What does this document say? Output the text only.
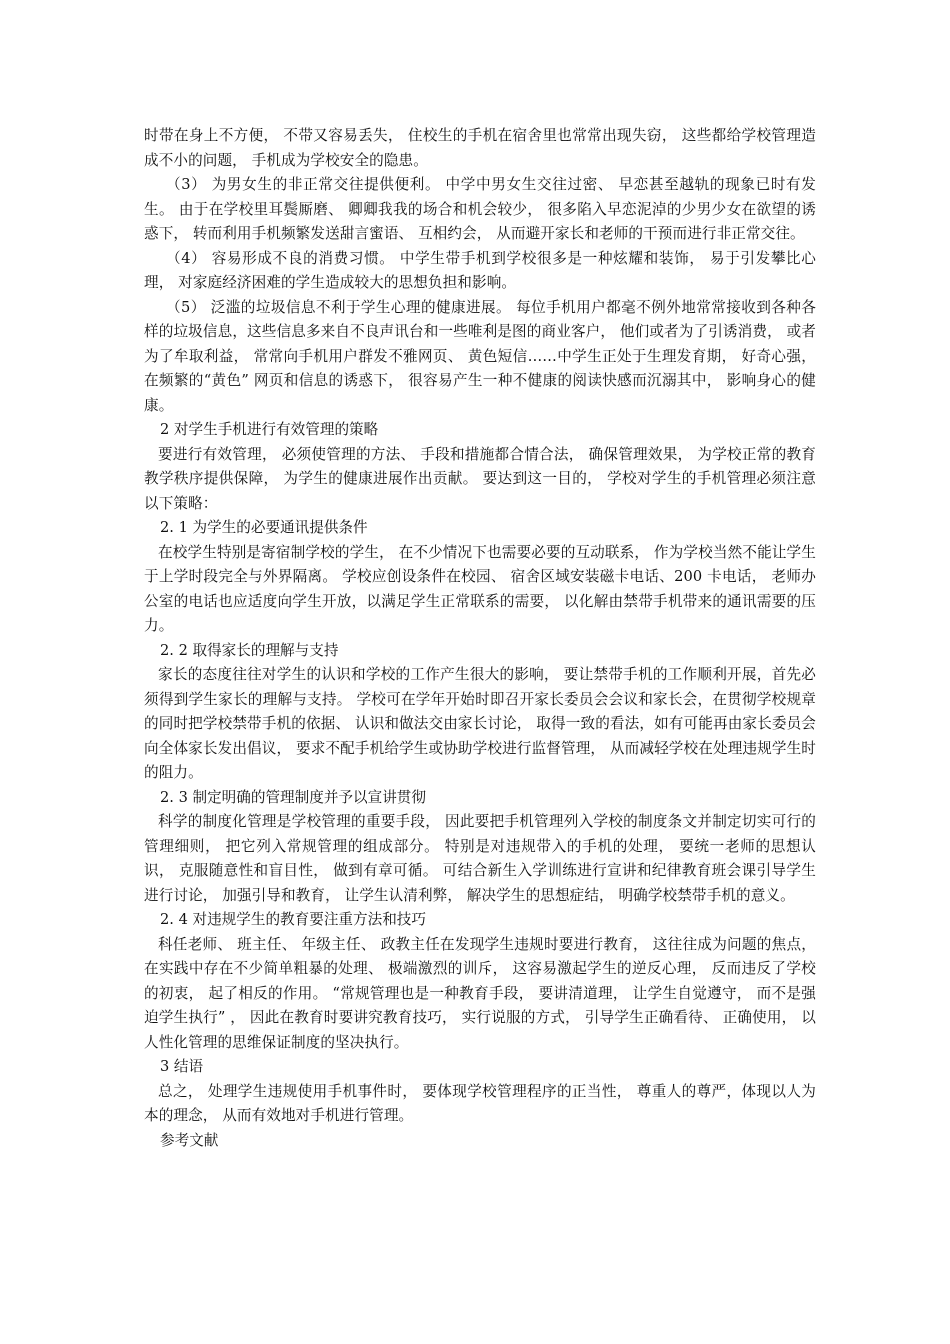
时带在身上不方便， 不带又容易丢失， 住校生的手机在宿舍里也常常出现失窃， 这些都给学校管理造成不小的问题， 手机成为学校安全的隐患。

（3） 为男女生的非正常交往提供便利。 中学中男女生交往过密、 早恋甚至越轨的现象已时有发生。 由于在学校里耳鬓厮磨、 卿卿我我的场合和机会较少， 很多陷入早恋泥淖的少男少女在欲望的诱惑下， 转而利用手机频繁发送甜言蜜语、 互相约会， 从而避开家长和老师的干预而进行非正常交往。

（4） 容易形成不良的消费习惯。 中学生带手机到学校很多是一种炫耀和装饰， 易于引发攀比心理， 对家庭经济困难的学生造成较大的思想负担和影响。

（5） 泛滥的垃圾信息不利于学生心理的健康进展。 每位手机用户都毫不例外地常常接收到各种各样的垃圾信息，这些信息多来自不良声讯台和一些唯利是图的商业客户， 他们或者为了引诱消费， 或者为了牟取利益， 常常向手机用户群发不雅网页、 黄色短信……中学生正处于生理发育期， 好奇心强， 在频繁的“黄色” 网页和信息的诱惑下， 很容易产生一种不健康的阅读快感而沉溺其中， 影响身心的健康。

2 对学生手机进行有效管理的策略

要进行有效管理， 必须使管理的方法、 手段和措施都合情合法， 确保管理效果， 为学校正常的教育教学秩序提供保障， 为学生的健康进展作出贡献。 要达到这一目的， 学校对学生的手机管理必须注意以下策略：

2. 1 为学生的必要通讯提供条件

在校学生特别是寄宿制学校的学生， 在不少情况下也需要必要的互动联系， 作为学校当然不能让学生于上学时段完全与外界隔离。 学校应创设条件在校园、 宿舍区域安装磁卡电话、200 卡电话， 老师办公室的电话也应适度向学生开放，以满足学生正常联系的需要， 以化解由禁带手机带来的通讯需要的压力。

2. 2 取得家长的理解与支持

家长的态度往往对学生的认识和学校的工作产生很大的影响， 要让禁带手机的工作顺利开展，首先必须得到学生家长的理解与支持。 学校可在学年开始时即召开家长委员会会议和家长会，在贯彻学校规章的同时把学校禁带手机的依据、 认识和做法交由家长讨论， 取得一致的看法，如有可能再由家长委员会向全体家长发出倡议， 要求不配手机给学生或协助学校进行监督管理， 从而减轻学校在处理违规学生时的阻力。

2. 3 制定明确的管理制度并予以宣讲贯彻

科学的制度化管理是学校管理的重要手段， 因此要把手机管理列入学校的制度条文并制定切实可行的管理细则， 把它列入常规管理的组成部分。 特别是对违规带入的手机的处理， 要统一老师的思想认识， 克服随意性和盲目性， 做到有章可循。 可结合新生入学训练进行宣讲和纪律教育班会课引导学生进行讨论， 加强引导和教育， 让学生认清利弊， 解决学生的思想症结， 明确学校禁带手机的意义。

2. 4 对违规学生的教育要注重方法和技巧

科任老师、 班主任、 年级主任、 政教主任在发现学生违规时要进行教育， 这往往成为问题的焦点， 在实践中存在不少简单粗暴的处理、 极端激烈的训斥， 这容易激起学生的逆反心理， 反而违反了学校的初衷， 起了相反的作用。 “常规管理也是一种教育手段， 要讲清道理， 让学生自觉遵守， 而不是强迫学生执行” ， 因此在教育时要讲究教育技巧， 实行说服的方式， 引导学生正确看待、 正确使用， 以人性化管理的思维保证制度的坚决执行。

3 结语

总之， 处理学生违规使用手机事件时， 要体现学校管理程序的正当性， 尊重人的尊严，体现以人为本的理念， 从而有效地对手机进行管理。

参考文献
